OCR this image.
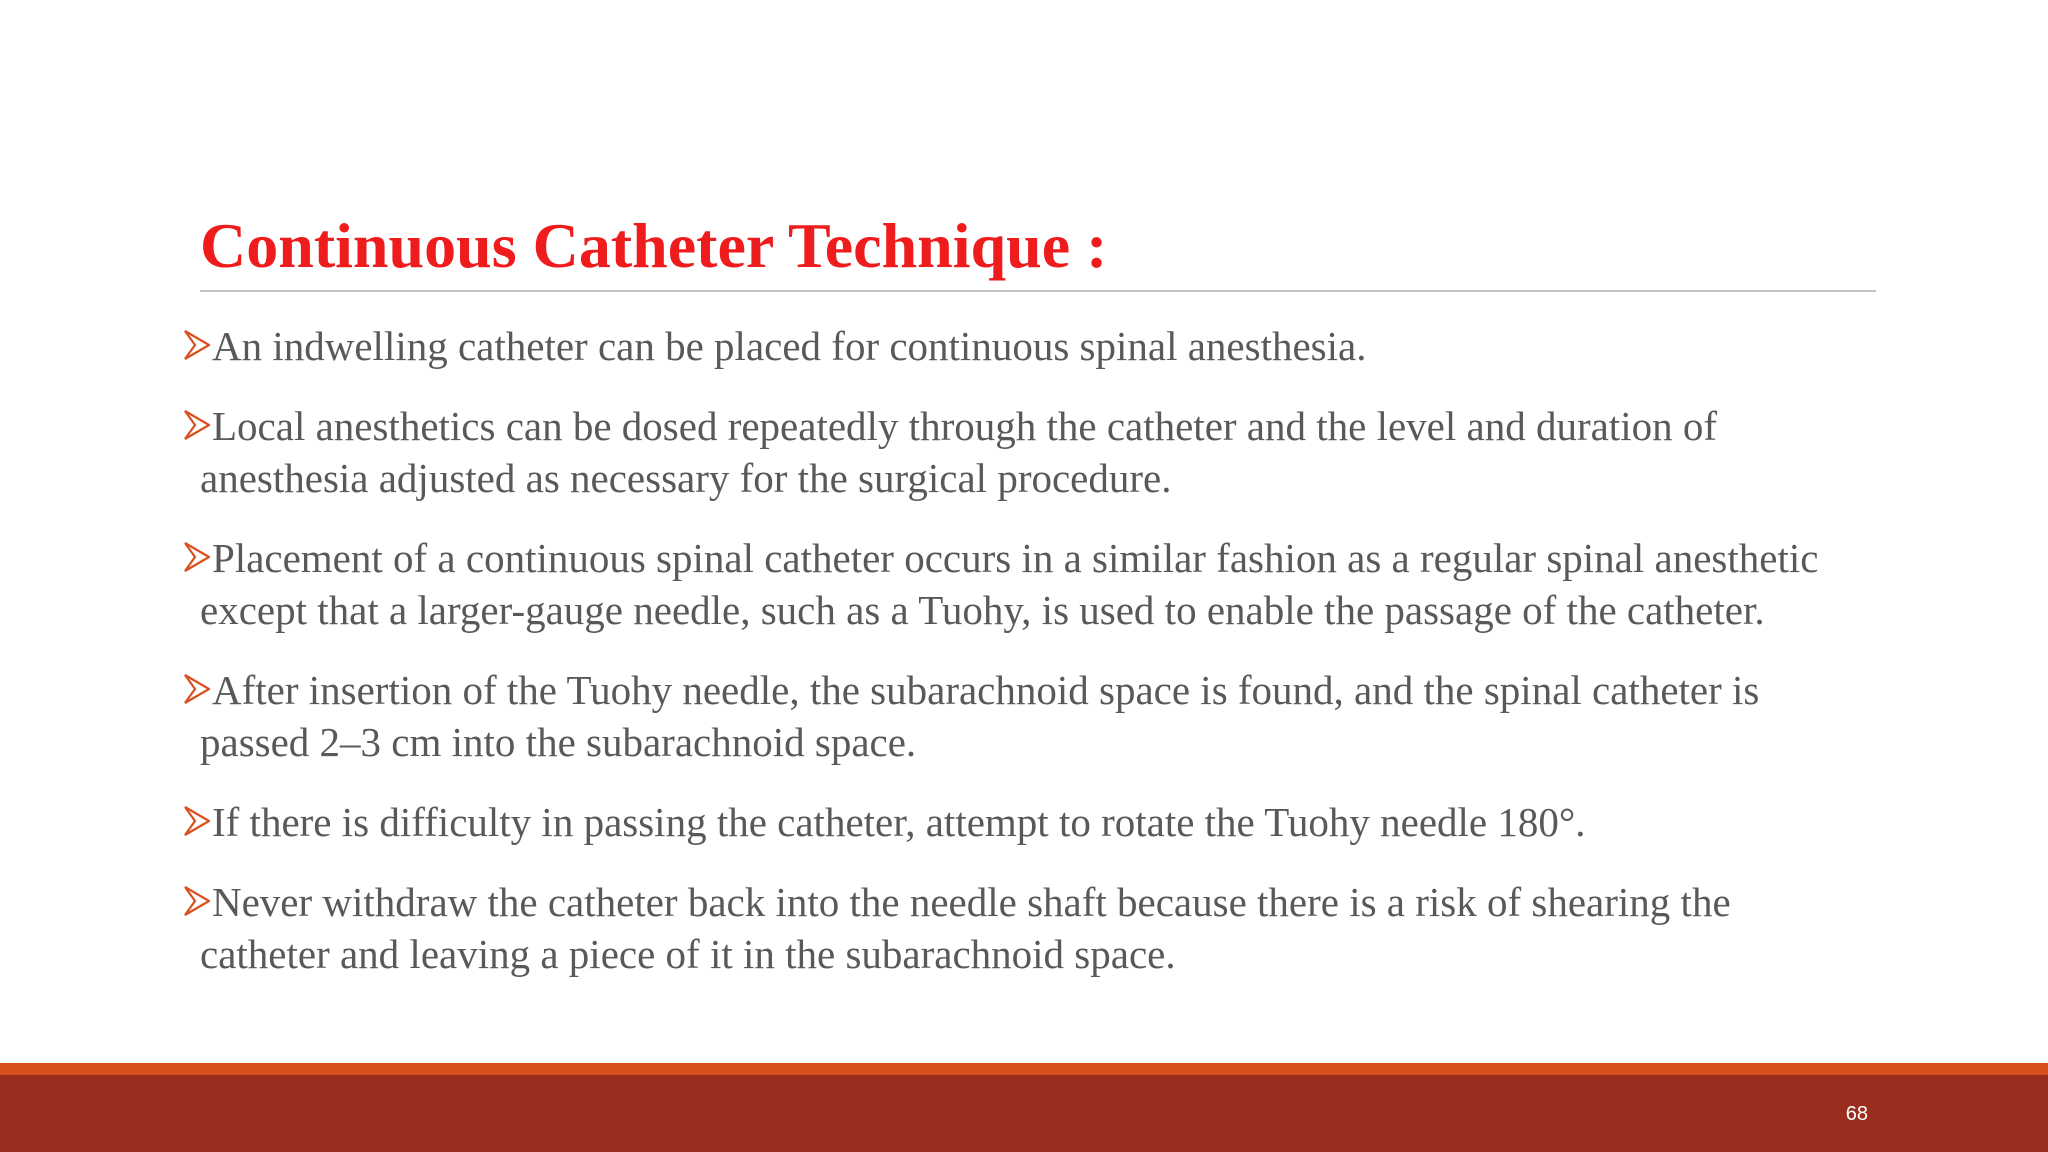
Continuous Catheter Technique :
An indwelling catheter can be placed for continuous spinal anesthesia.
Local anesthetics can be dosed repeatedly through the catheter and the level and duration of anesthesia adjusted as necessary for the surgical procedure.
Placement of a continuous spinal catheter occurs in a similar fashion as a regular spinal anesthetic except that a larger-gauge needle, such as a Tuohy, is used to enable the passage of the catheter.
After insertion of the Tuohy needle, the subarachnoid space is found, and the spinal catheter is passed 2–3 cm into the subarachnoid space.
If there is difficulty in passing the catheter, attempt to rotate the Tuohy needle 180°.
Never withdraw the catheter back into the needle shaft because there is a risk of shearing the catheter and leaving a piece of it in the subarachnoid space.
68
